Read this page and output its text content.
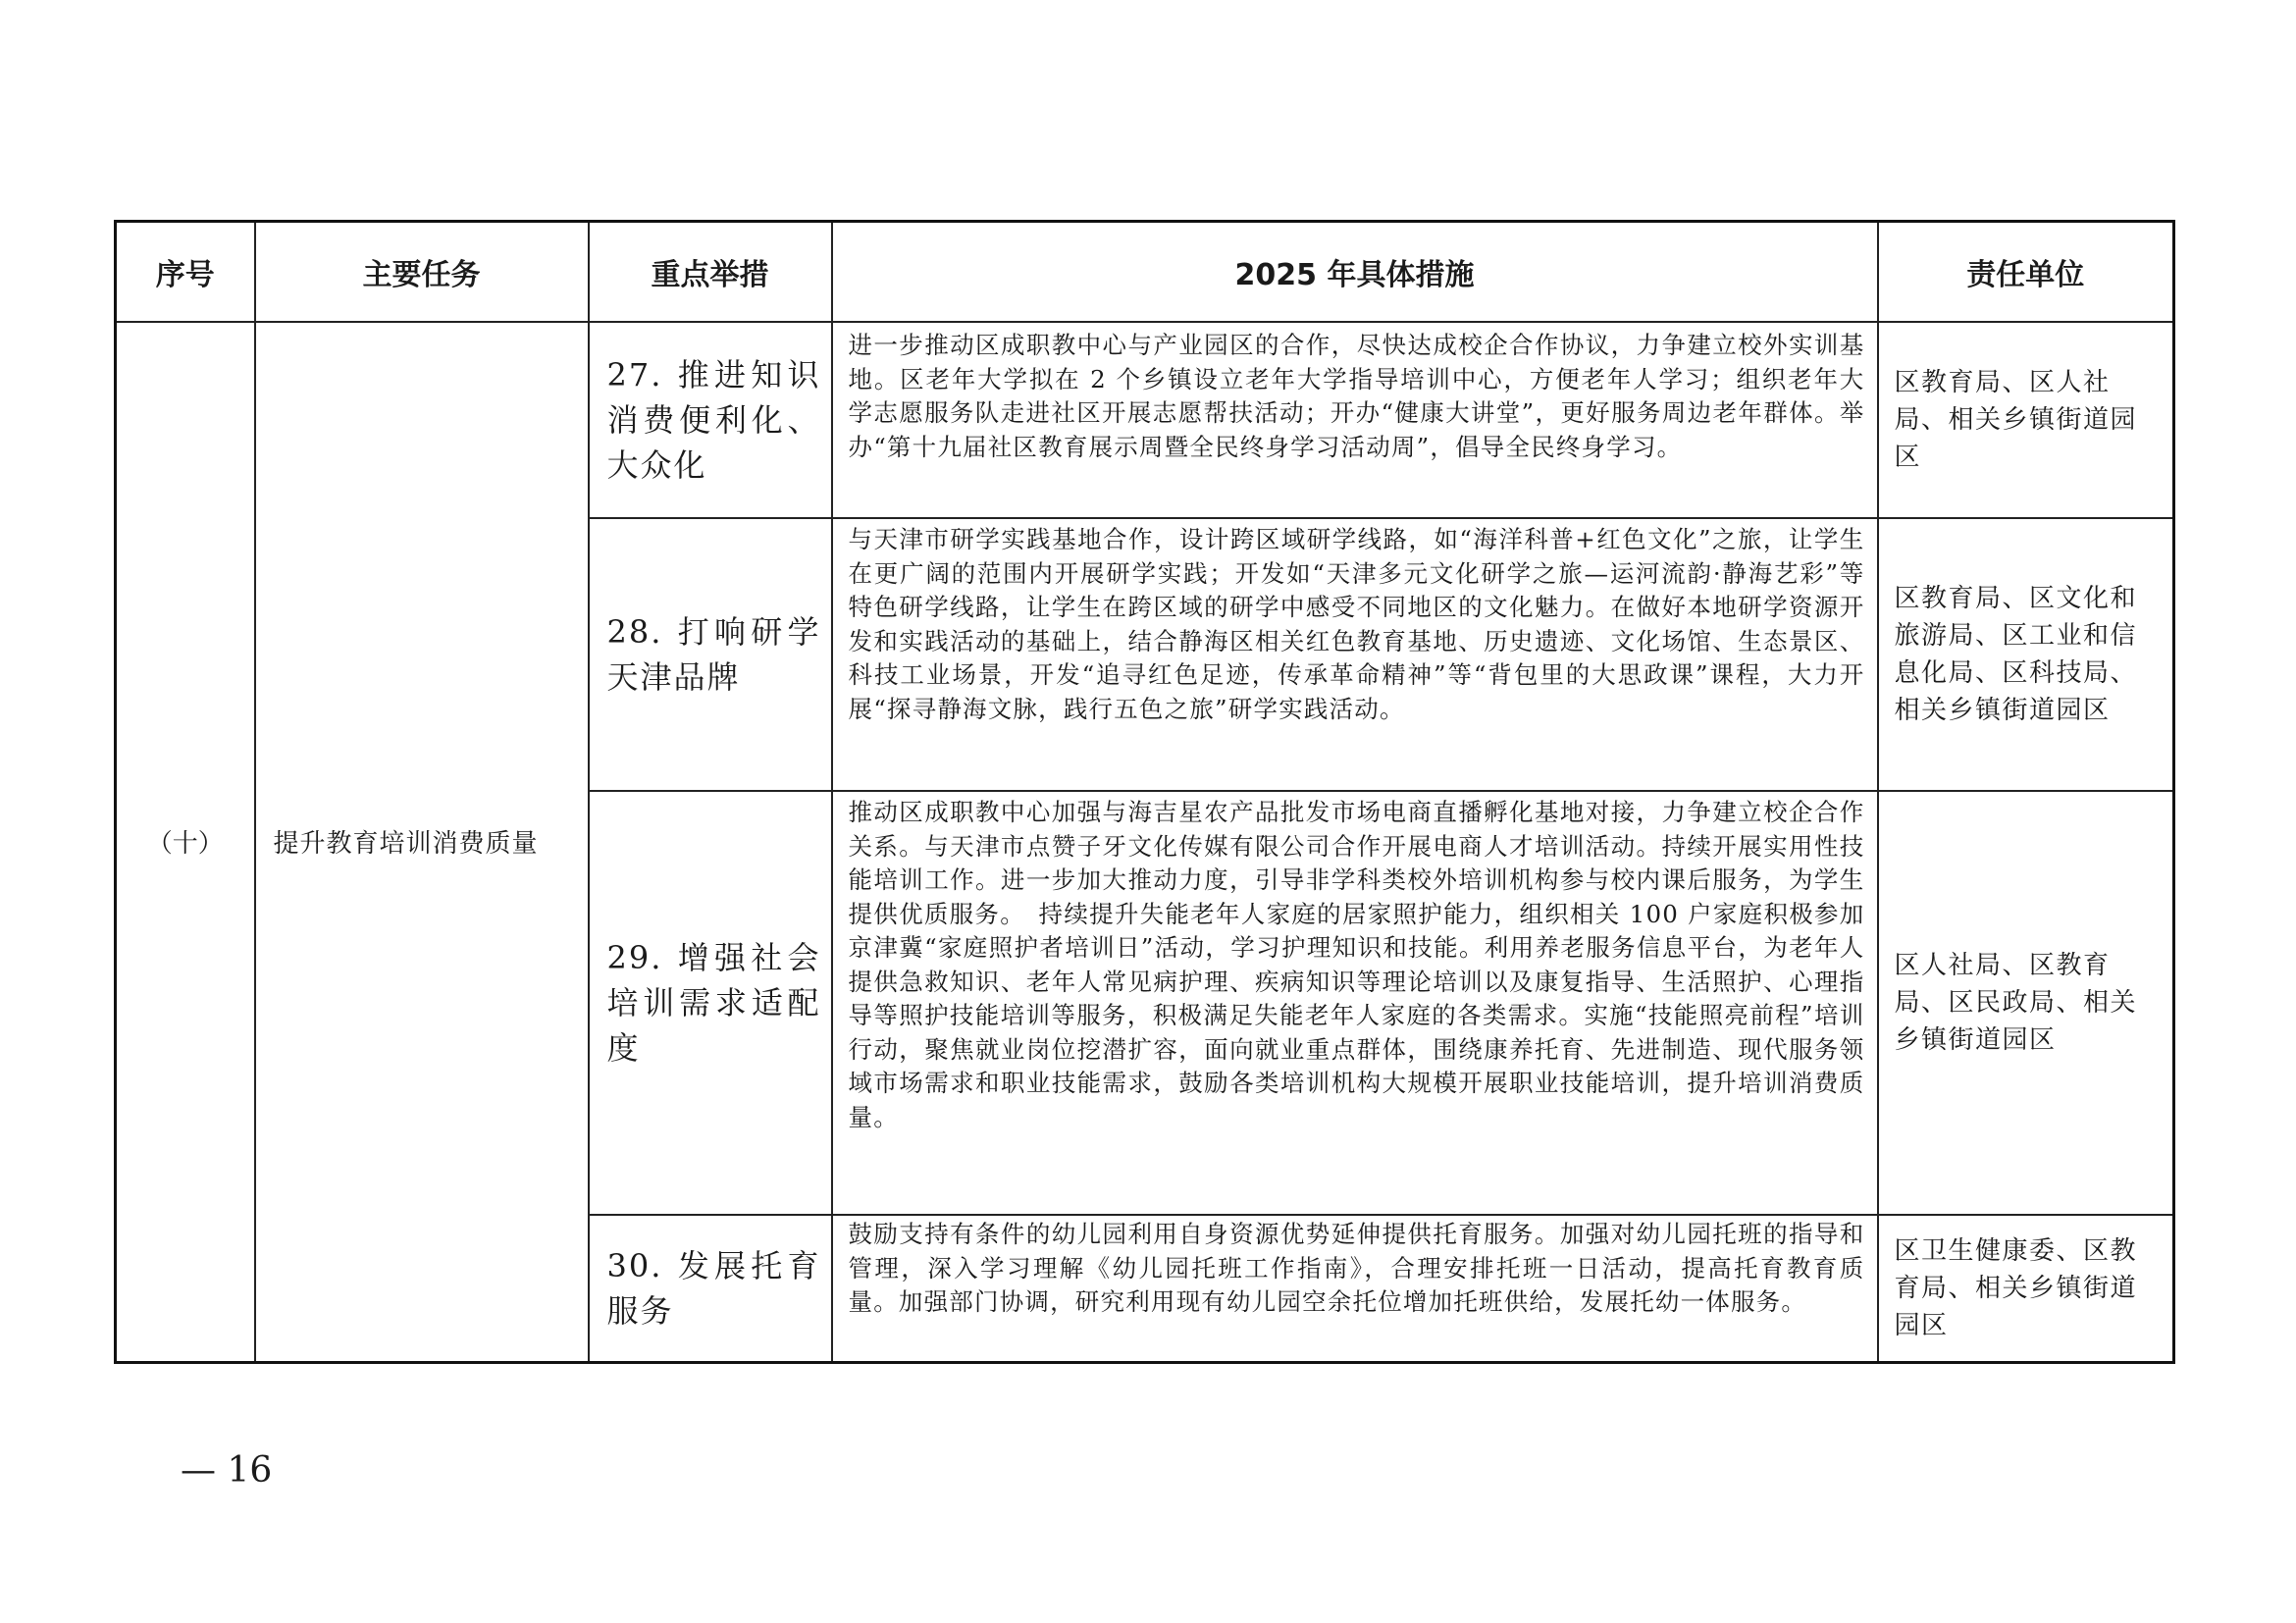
序号	主要任务	重点举措	2025 年具体措施	责任单位
（十）	提升教育培训消费质量	27. 推进知识消费便利化、大众化	进一步推动区成职教中心与产业园区的合作，尽快达成校企合作协议，力争建立校外实训基地。区老年大学拟在 2 个乡镇设立老年大学指导培训中心，方便老年人学习；组织老年大学志愿服务队走进社区开展志愿帮扶活动；开办“健康大讲堂”，更好服务周边老年群体。举办“第十九届社区教育展示周暨全民终身学习活动周”，倡导全民终身学习。	区教育局、区人社局、相关乡镇街道园区
		28. 打响研学天津品牌	与天津市研学实践基地合作，设计跨区域研学线路，如“海洋科普+红色文化”之旅，让学生在更广阔的范围内开展研学实践；开发如“天津多元文化研学之旅—运河流韵·静海艺彩”等特色研学线路，让学生在跨区域的研学中感受不同地区的文化魅力。在做好本地研学资源开发和实践活动的基础上，结合静海区相关红色教育基地、历史遗迹、文化场馆、生态景区、科技工业场景，开发“追寻红色足迹，传承革命精神”等“背包里的大思政课”课程，大力开展“探寻静海文脉，践行五色之旅”研学实践活动。	区教育局、区文化和旅游局、区工业和信息化局、区科技局、相关乡镇街道园区
		29. 增强社会培训需求适配度	推动区成职教中心加强与海吉星农产品批发市场电商直播孵化基地对接，力争建立校企合作关系。与天津市点赞子牙文化传媒有限公司合作开展电商人才培训活动。持续开展实用性技能培训工作。进一步加大推动力度，引导非学科类校外培训机构参与校内课后服务，为学生提供优质服务。　持续提升失能老年人家庭的居家照护能力，组织相关 100 户家庭积极参加京津冀“家庭照护者培训日”活动，学习护理知识和技能。利用养老服务信息平台，为老年人提供急救知识、老年人常见病护理、疾病知识等理论培训以及康复指导、生活照护、心理指导等照护技能培训等服务，积极满足失能老年人家庭的各类需求。实施“技能照亮前程”培训行动，聚焦就业岗位挖潜扩容，面向就业重点群体，围绕康养托育、先进制造、现代服务领域市场需求和职业技能需求，鼓励各类培训机构大规模开展职业技能培训，提升培训消费质量。	区人社局、区教育局、区民政局、相关乡镇街道园区
		30. 发展托育服务	鼓励支持有条件的幼儿园利用自身资源优势延伸提供托育服务。加强对幼儿园托班的指导和管理，深入学习理解《幼儿园托班工作指南》，合理安排托班一日活动，提高托育教育质量。加强部门协调，研究利用现有幼儿园空余托位增加托班供给，发展托幼一体服务。	区卫生健康委、区教育局、相关乡镇街道园区
— 16
